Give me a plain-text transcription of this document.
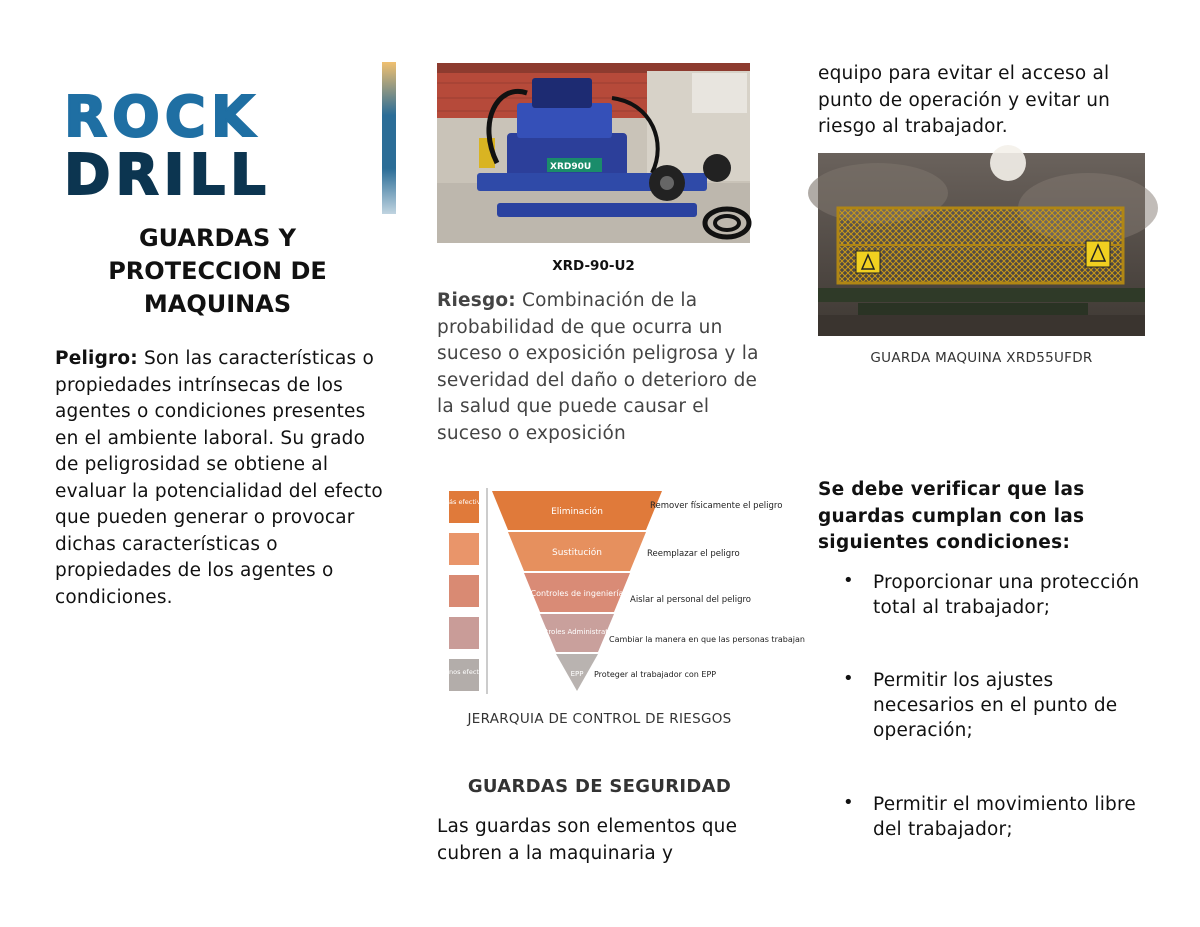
ROCK
DRILL
GUARDAS Y PROTECCION DE MAQUINAS
Peligro: Son las características o propiedades intrínsecas de los agentes o condiciones presentes en el ambiente laboral. Su grado de peligrosidad se obtiene al evaluar la potencialidad del efecto que pueden generar o provocar dichas características o propiedades de los agentes o condiciones.
XRD90U
XRD-90-U2
Riesgo: Combinación de la probabilidad de que ocurra un suceso o exposición peligrosa y la severidad del daño o deterioro de la salud que puede causar el suceso o exposición
Más efectivo
Menos efectivo
Eliminación
Sustitución
Controles de ingeniería
Controles Administrativos
EPP
Remover físicamente el peligro
Reemplazar el peligro
Aislar al personal del peligro
Cambiar la manera en que las personas trabajan
Proteger al trabajador con EPP
JERARQUIA DE CONTROL DE RIESGOS
GUARDAS DE SEGURIDAD
Las guardas son elementos que cubren a la maquinaria y
equipo para evitar el acceso al punto de operación y evitar un riesgo al trabajador.
GUARDA MAQUINA XRD55UFDR
Se debe verificar que las guardas cumplan con las siguientes condiciones:
• Proporcionar una protección total al trabajador;
• Permitir los ajustes necesarios en el punto de operación;
• Permitir el movimiento libre del trabajador;
